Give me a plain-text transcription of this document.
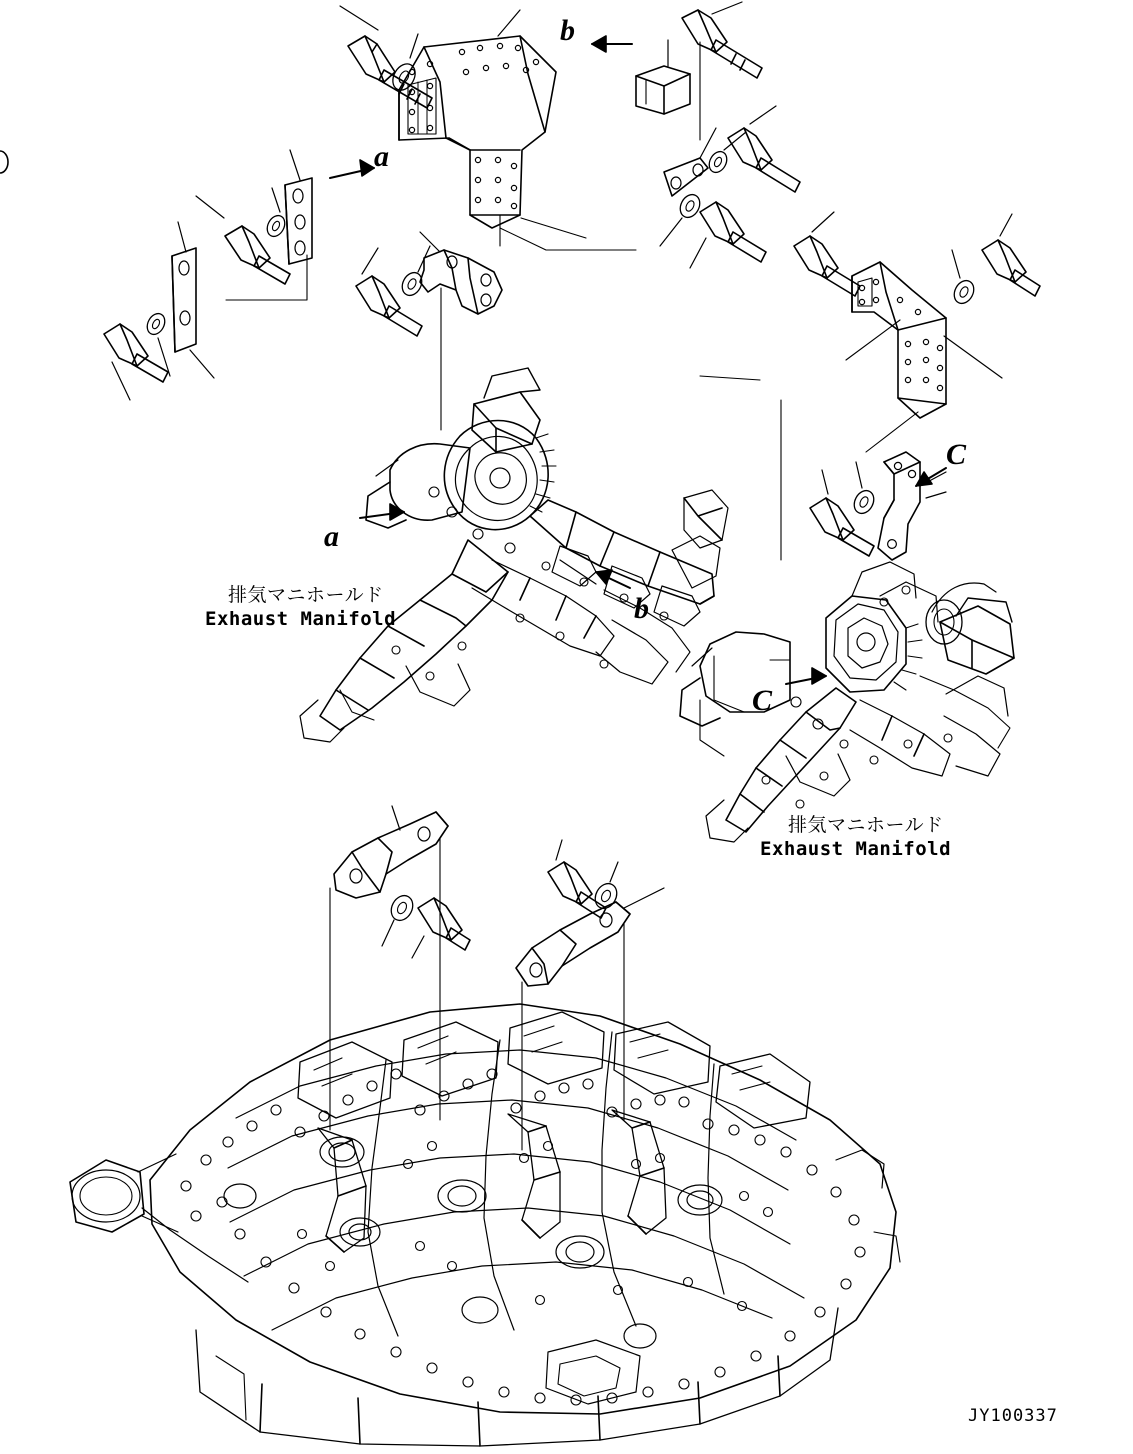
a
b
a
b
C
C
排気マニホールド
Exhaust Manifold
排気マニホールド
Exhaust Manifold
JY100337
